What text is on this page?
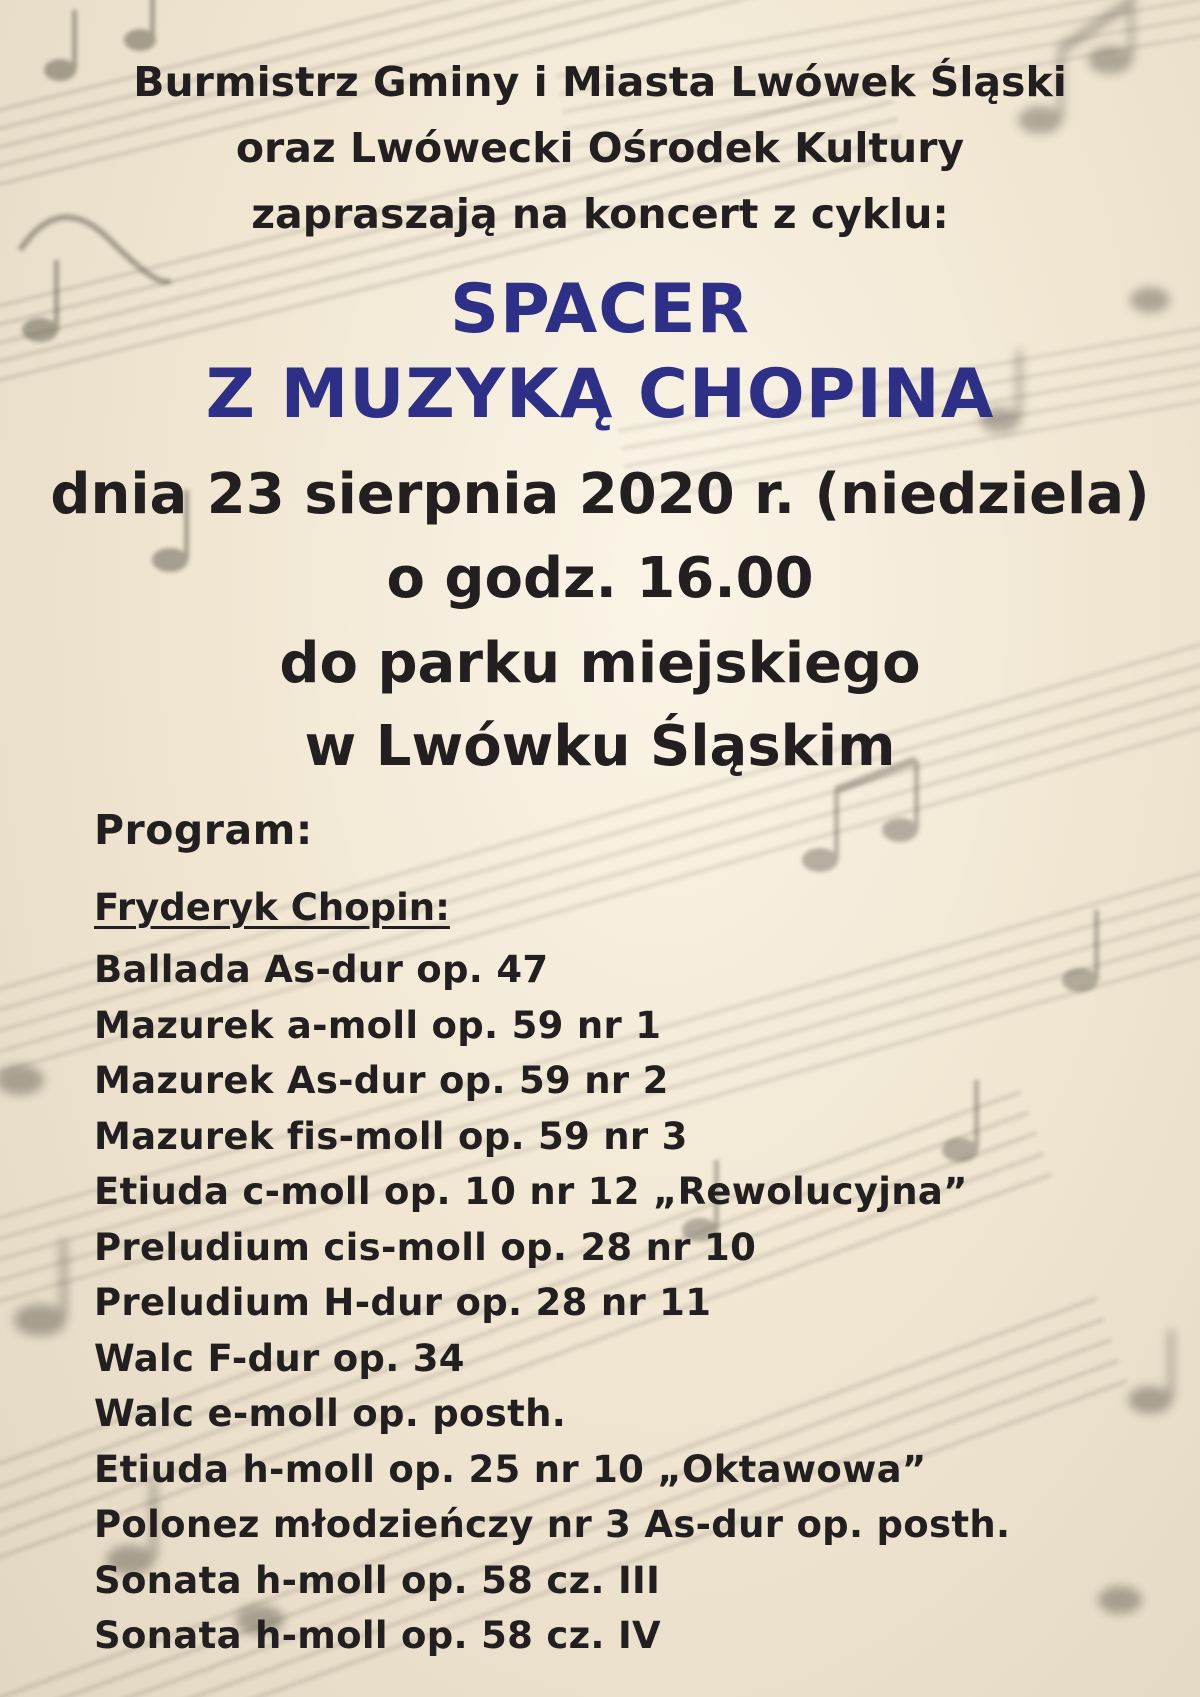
Burmistrz Gminy i Miasta Lwówek Śląski

oraz Lwówecki Ośrodek Kultury

zapraszają na koncert z cyklu:

SPACER
Z MUZYKĄ CHOPINA

dnia 23 sierpnia 2020 r. (niedziela)

o godz. 16.00

do parku miejskiego

w Lwówku Śląskim

Program:

Fryderyk Chopin:

Ballada As-dur op. 47
Mazurek a-moll op. 59 nr 1
Mazurek As-dur op. 59 nr 2
Mazurek fis-moll op. 59 nr 3
Etiuda c-moll op. 10 nr 12 „Rewolucyjna”
Preludium cis-moll op. 28 nr 10
Preludium H-dur op. 28 nr 11
Walc F-dur op. 34
Walc e-moll op. posth.
Etiuda h-moll op. 25 nr 10 „Oktawowa”
Polonez młodzieńczy nr 3 As-dur op. posth.
Sonata h-moll op. 58 cz. III
Sonata h-moll op. 58 cz. IV
